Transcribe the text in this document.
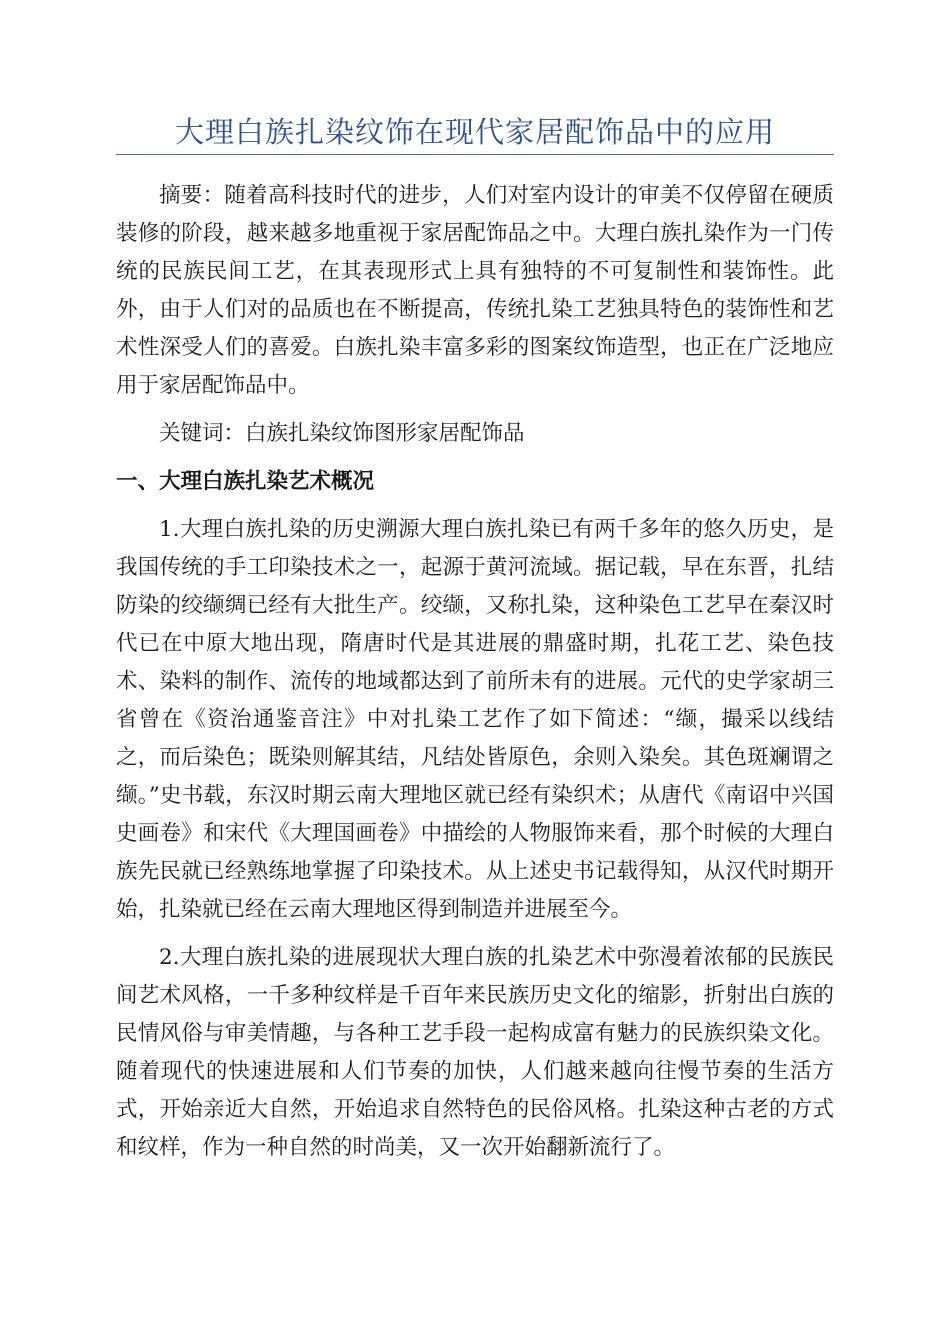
大理白族扎染纹饰在现代家居配饰品中的应用

摘要：随着高科技时代的进步，人们对室内设计的审美不仅停留在硬质装修的阶段，越来越多地重视于家居配饰品之中。大理白族扎染作为一门传统的民族民间工艺，在其表现形式上具有独特的不可复制性和装饰性。此外，由于人们对的品质也在不断提高，传统扎染工艺独具特色的装饰性和艺术性深受人们的喜爱。白族扎染丰富多彩的图案纹饰造型，也正在广泛地应用于家居配饰品中。

关键词：白族扎染纹饰图形家居配饰品

一、大理白族扎染艺术概况

1.大理白族扎染的历史溯源大理白族扎染已有两千多年的悠久历史，是我国传统的手工印染技术之一，起源于黄河流域。据记载，早在东晋，扎结防染的绞缬绸已经有大批生产。绞缬，又称扎染，这种染色工艺早在秦汉时代已在中原大地出现，隋唐时代是其进展的鼎盛时期，扎花工艺、染色技术、染料的制作、流传的地域都达到了前所未有的进展。元代的史学家胡三省曾在《资治通鉴音注》中对扎染工艺作了如下简述：“缬，撮采以线结之，而后染色；既染则解其结，凡结处皆原色，余则入染矣。其色斑斓谓之缬。”史书载，东汉时期云南大理地区就已经有染织术；从唐代《南诏中兴国史画卷》和宋代《大理国画卷》中描绘的人物服饰来看，那个时候的大理白族先民就已经熟练地掌握了印染技术。从上述史书记载得知，从汉代时期开始，扎染就已经在云南大理地区得到制造并进展至今。

2.大理白族扎染的进展现状大理白族的扎染艺术中弥漫着浓郁的民族民间艺术风格，一千多种纹样是千百年来民族历史文化的缩影，折射出白族的民情风俗与审美情趣，与各种工艺手段一起构成富有魅力的民族织染文化。随着现代的快速进展和人们节奏的加快，人们越来越向往慢节奏的生活方式，开始亲近大自然，开始追求自然特色的民俗风格。扎染这种古老的方式和纹样，作为一种自然的时尚美，又一次开始翻新流行了。
